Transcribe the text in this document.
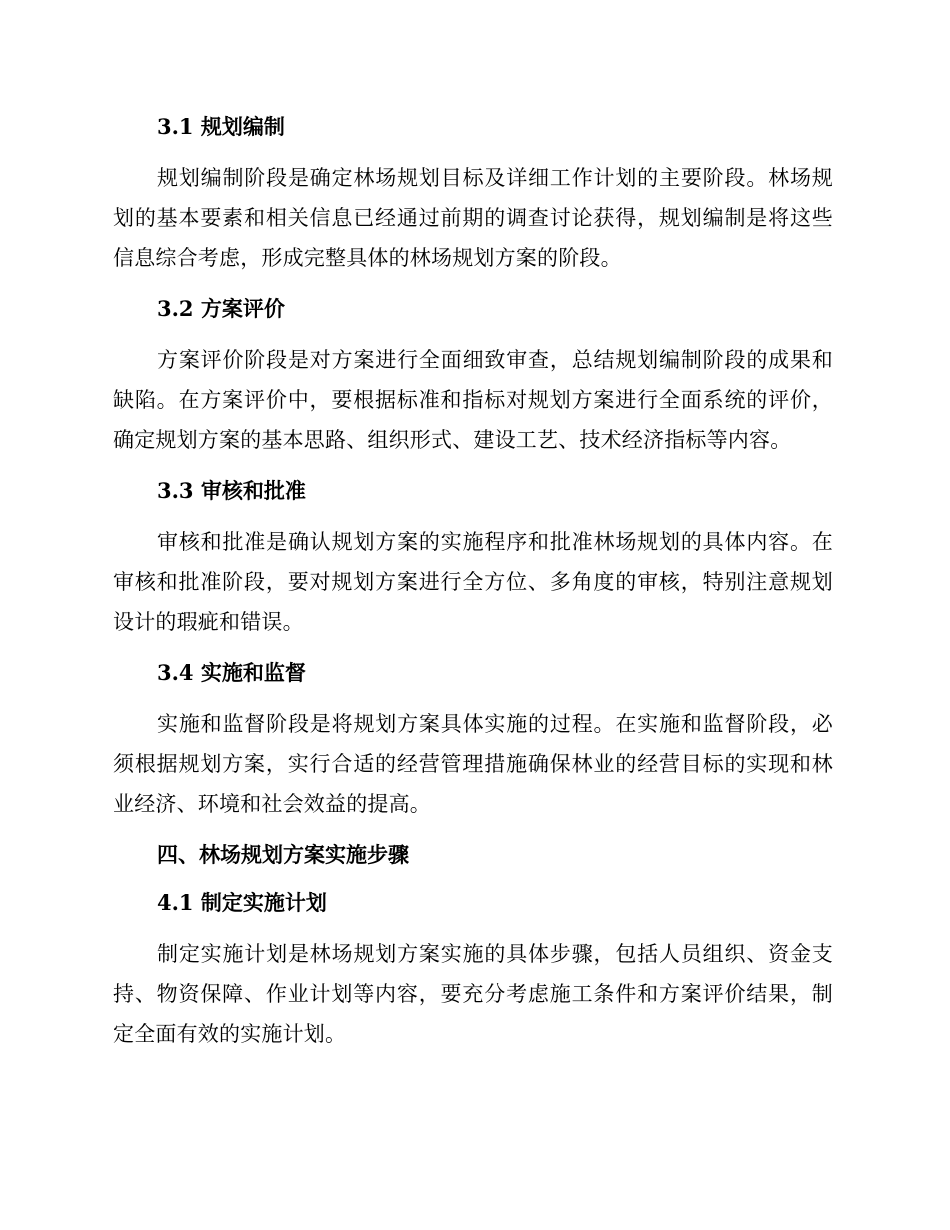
3.1 规划编制

规划编制阶段是确定林场规划目标及详细工作计划的主要阶段。林场规划的基本要素和相关信息已经通过前期的调查讨论获得，规划编制是将这些信息综合考虑，形成完整具体的林场规划方案的阶段。

3.2 方案评价

方案评价阶段是对方案进行全面细致审查，总结规划编制阶段的成果和缺陷。在方案评价中，要根据标准和指标对规划方案进行全面系统的评价，确定规划方案的基本思路、组织形式、建设工艺、技术经济指标等内容。

3.3 审核和批准

审核和批准是确认规划方案的实施程序和批准林场规划的具体内容。在审核和批准阶段，要对规划方案进行全方位、多角度的审核，特别注意规划设计的瑕疵和错误。

3.4 实施和监督

实施和监督阶段是将规划方案具体实施的过程。在实施和监督阶段，必须根据规划方案，实行合适的经营管理措施确保林业的经营目标的实现和林业经济、环境和社会效益的提高。

四、林场规划方案实施步骤
4.1 制定实施计划

制定实施计划是林场规划方案实施的具体步骤，包括人员组织、资金支持、物资保障、作业计划等内容，要充分考虑施工条件和方案评价结果，制定全面有效的实施计划。
